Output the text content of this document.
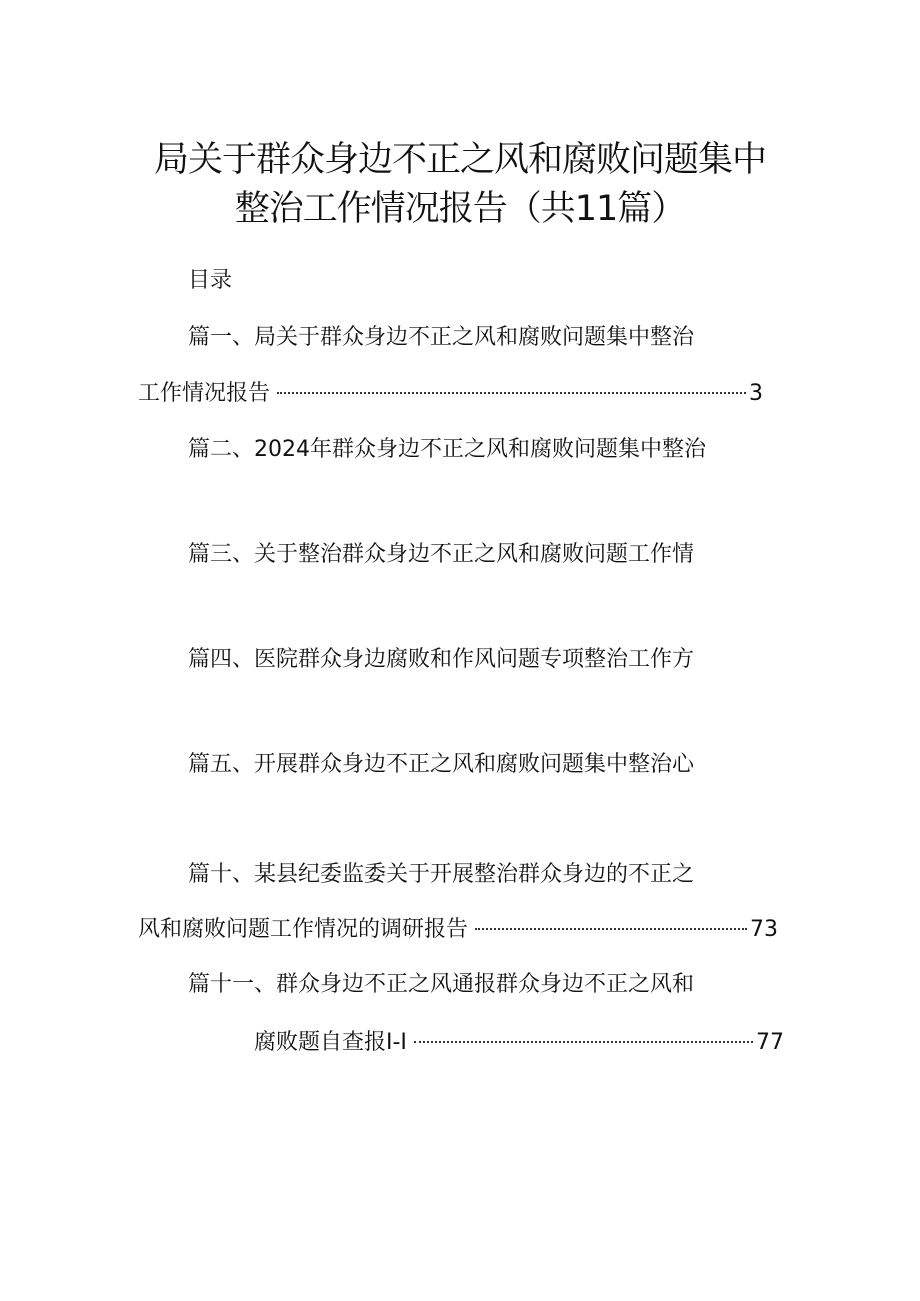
局关于群众身边不正之风和腐败问题集中
整治工作情况报告（共11篇）
目录
篇一、局关于群众身边不正之风和腐败问题集中整治
工作情况报告	3
篇二、2024年群众身边不正之风和腐败问题集中整治
篇三、关于整治群众身边不正之风和腐败问题工作情
篇四、医院群众身边腐败和作风问题专项整治工作方
篇五、开展群众身边不正之风和腐败问题集中整治心
篇十、某县纪委监委关于开展整治群众身边的不正之
风和腐败问题工作情况的调研报告	73
篇十一、群众身边不正之风通报群众身边不正之风和
腐败题自查报I-I	77
